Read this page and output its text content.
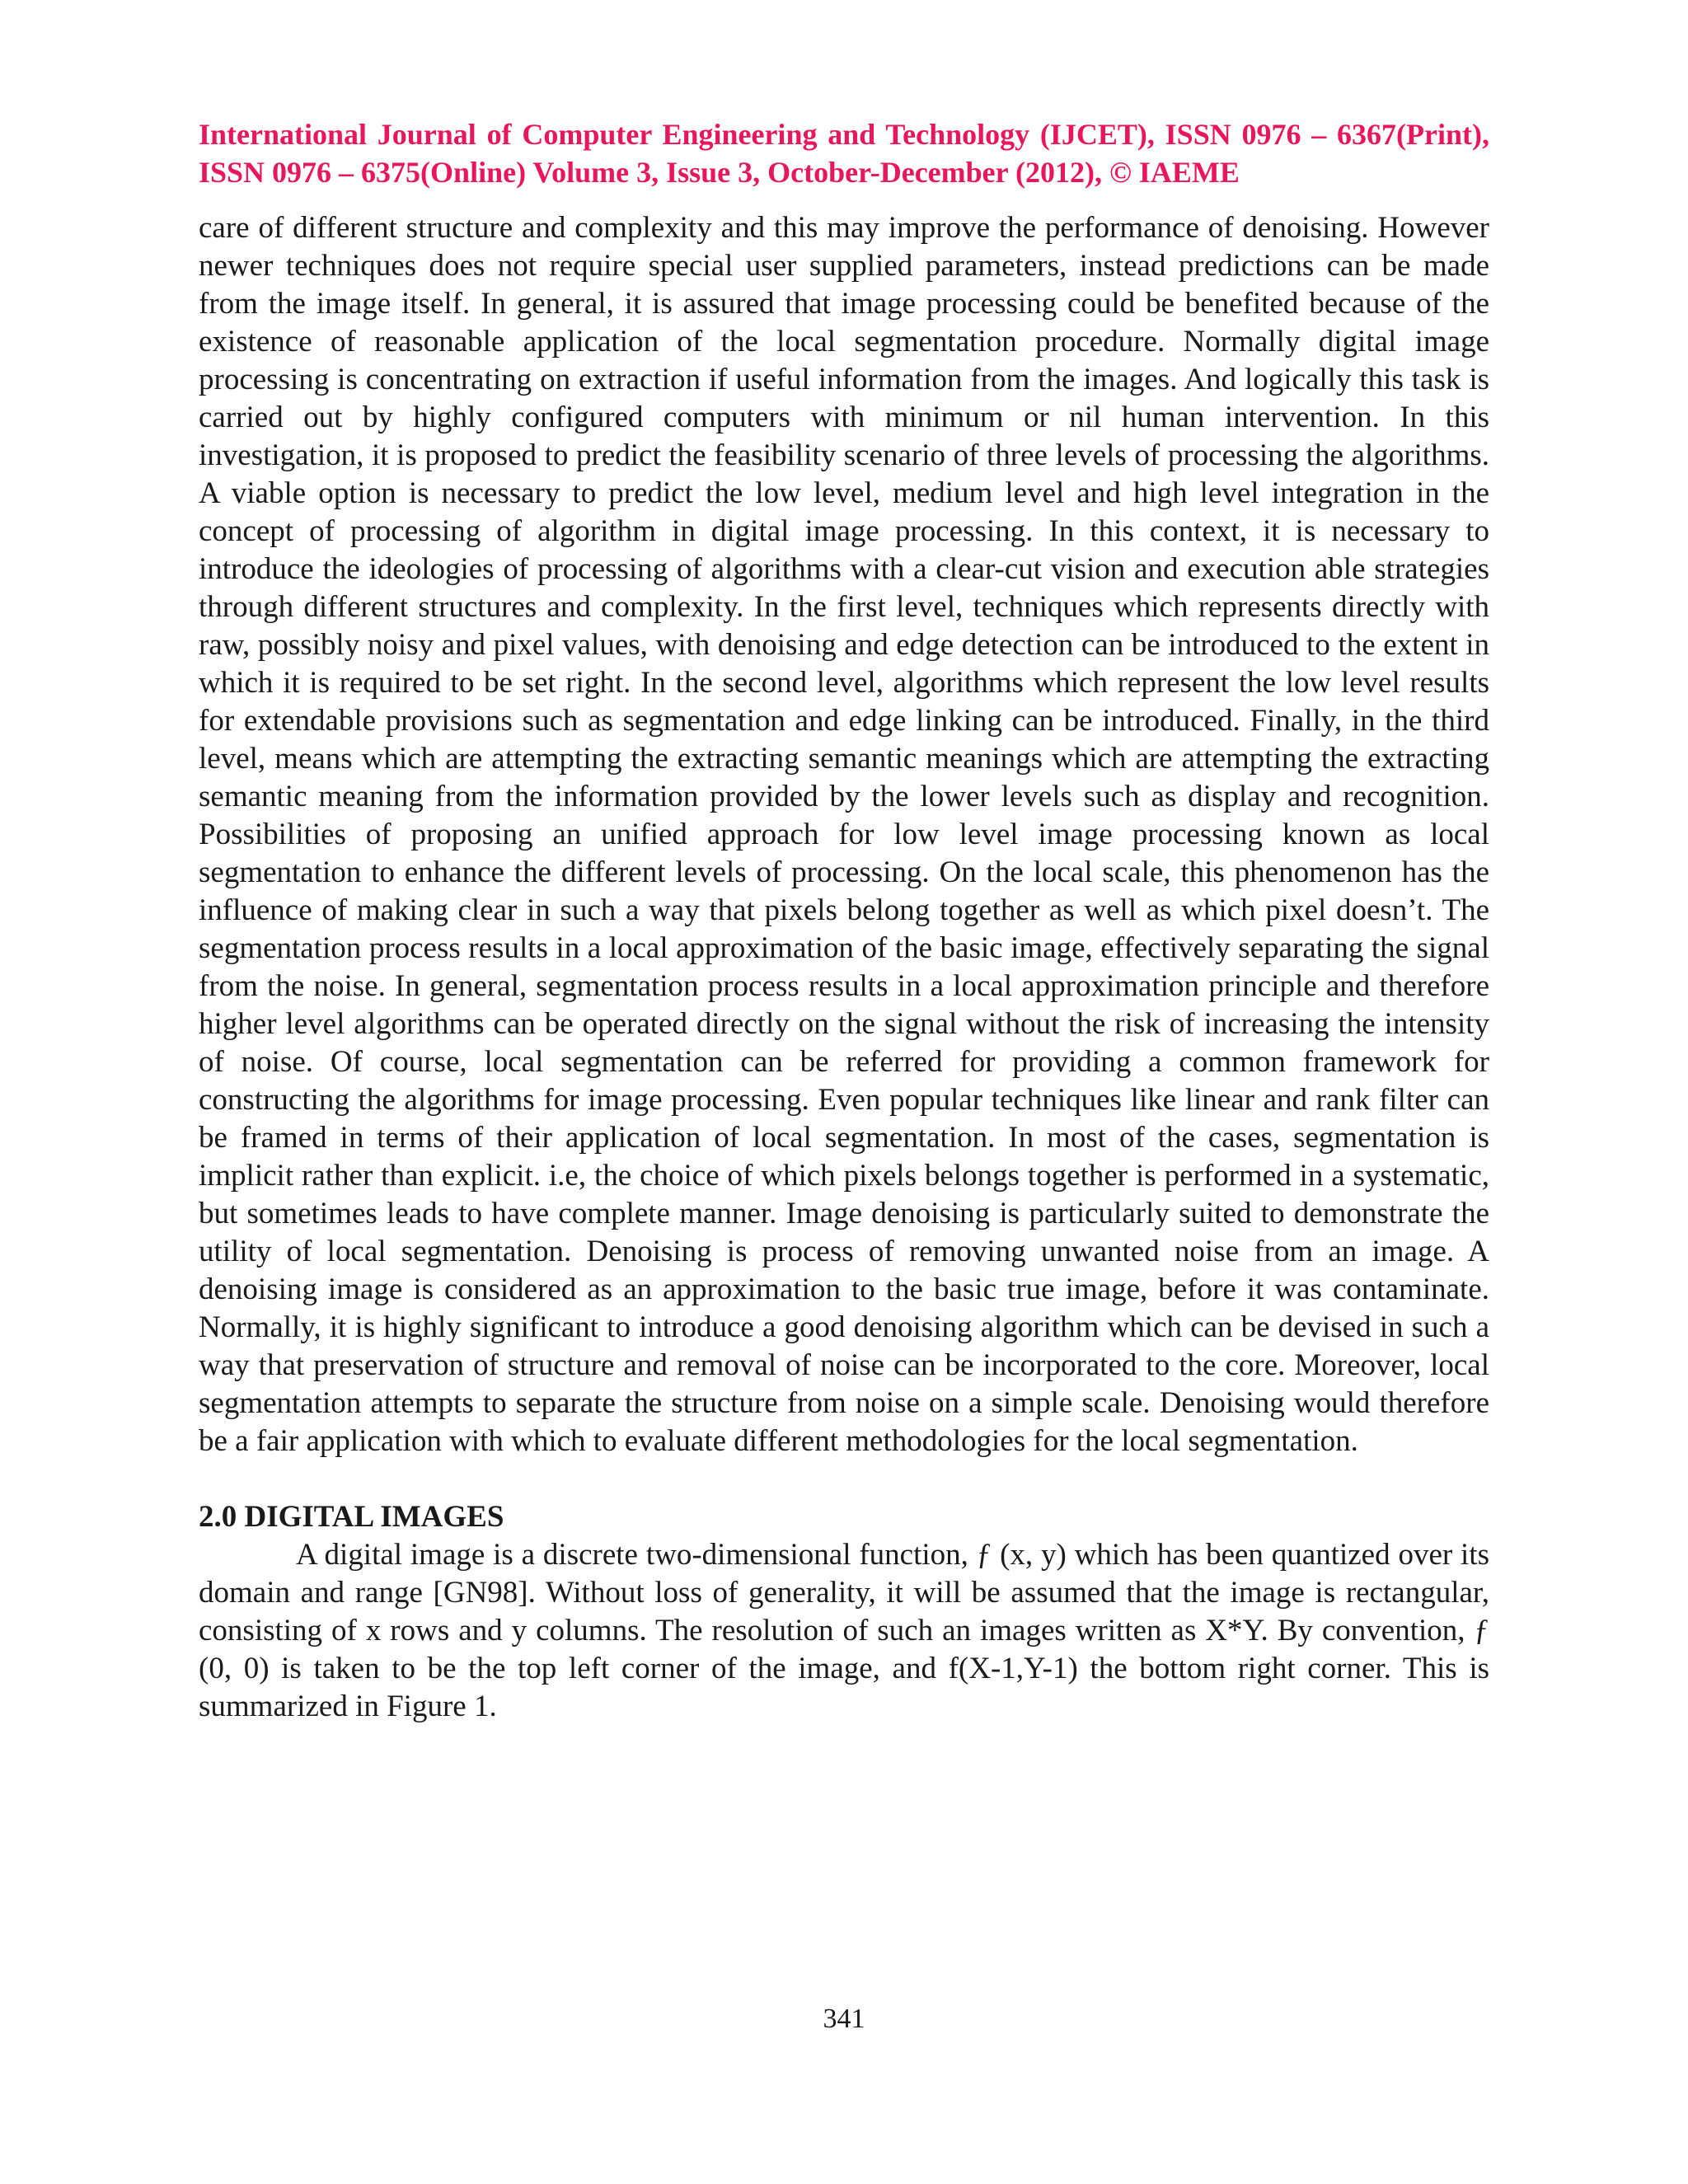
International Journal of Computer Engineering and Technology (IJCET), ISSN 0976 – 6367(Print), ISSN 0976 – 6375(Online) Volume 3, Issue 3, October-December (2012), © IAEME

care of different structure and complexity and this may improve the performance of denoising. However newer techniques does not require special user supplied parameters, instead predictions can be made from the image itself. In general, it is assured that image processing could be benefited because of the existence of reasonable application of the local segmentation procedure. Normally digital image processing is concentrating on extraction if useful information from the images. And logically this task is carried out by highly configured computers with minimum or nil human intervention. In this investigation, it is proposed to predict the feasibility scenario of three levels of processing the algorithms. A viable option is necessary to predict the low level, medium level and high level integration in the concept of processing of algorithm in digital image processing. In this context, it is necessary to introduce the ideologies of processing of algorithms with a clear-cut vision and execution able strategies through different structures and complexity. In the first level, techniques which represents directly with raw, possibly noisy and pixel values, with denoising and edge detection can be introduced to the extent in which it is required to be set right. In the second level, algorithms which represent the low level results for extendable provisions such as segmentation and edge linking can be introduced. Finally, in the third level, means which are attempting the extracting semantic meanings which are attempting the extracting semantic meaning from the information provided by the lower levels such as display and recognition. Possibilities of proposing an unified approach for low level image processing known as local segmentation to enhance the different levels of processing. On the local scale, this phenomenon has the influence of making clear in such a way that pixels belong together as well as which pixel doesn’t. The segmentation process results in a local approximation of the basic image, effectively separating the signal from the noise. In general, segmentation process results in a local approximation principle and therefore higher level algorithms can be operated directly on the signal without the risk of increasing the intensity of noise. Of course, local segmentation can be referred for providing a common framework for constructing the algorithms for image processing. Even popular techniques like linear and rank filter can be framed in terms of their application of local segmentation. In most of the cases, segmentation is implicit rather than explicit. i.e, the choice of which pixels belongs together is performed in a systematic, but sometimes leads to have complete manner. Image denoising is particularly suited to demonstrate the utility of local segmentation. Denoising is process of removing unwanted noise from an image. A denoising image is considered as an approximation to the basic true image, before it was contaminate. Normally, it is highly significant to introduce a good denoising algorithm which can be devised in such a way that preservation of structure and removal of noise can be incorporated to the core. Moreover, local segmentation attempts to separate the structure from noise on a simple scale. Denoising would therefore be a fair application with which to evaluate different methodologies for the local segmentation.

2.0 DIGITAL IMAGES

A digital image is a discrete two-dimensional function, ƒ (x, y) which has been quantized over its domain and range [GN98]. Without loss of generality, it will be assumed that the image is rectangular, consisting of x rows and y columns. The resolution of such an images written as X*Y. By convention, ƒ (0, 0) is taken to be the top left corner of the image, and f(X-1,Y-1) the bottom right corner. This is summarized in Figure 1.

341
